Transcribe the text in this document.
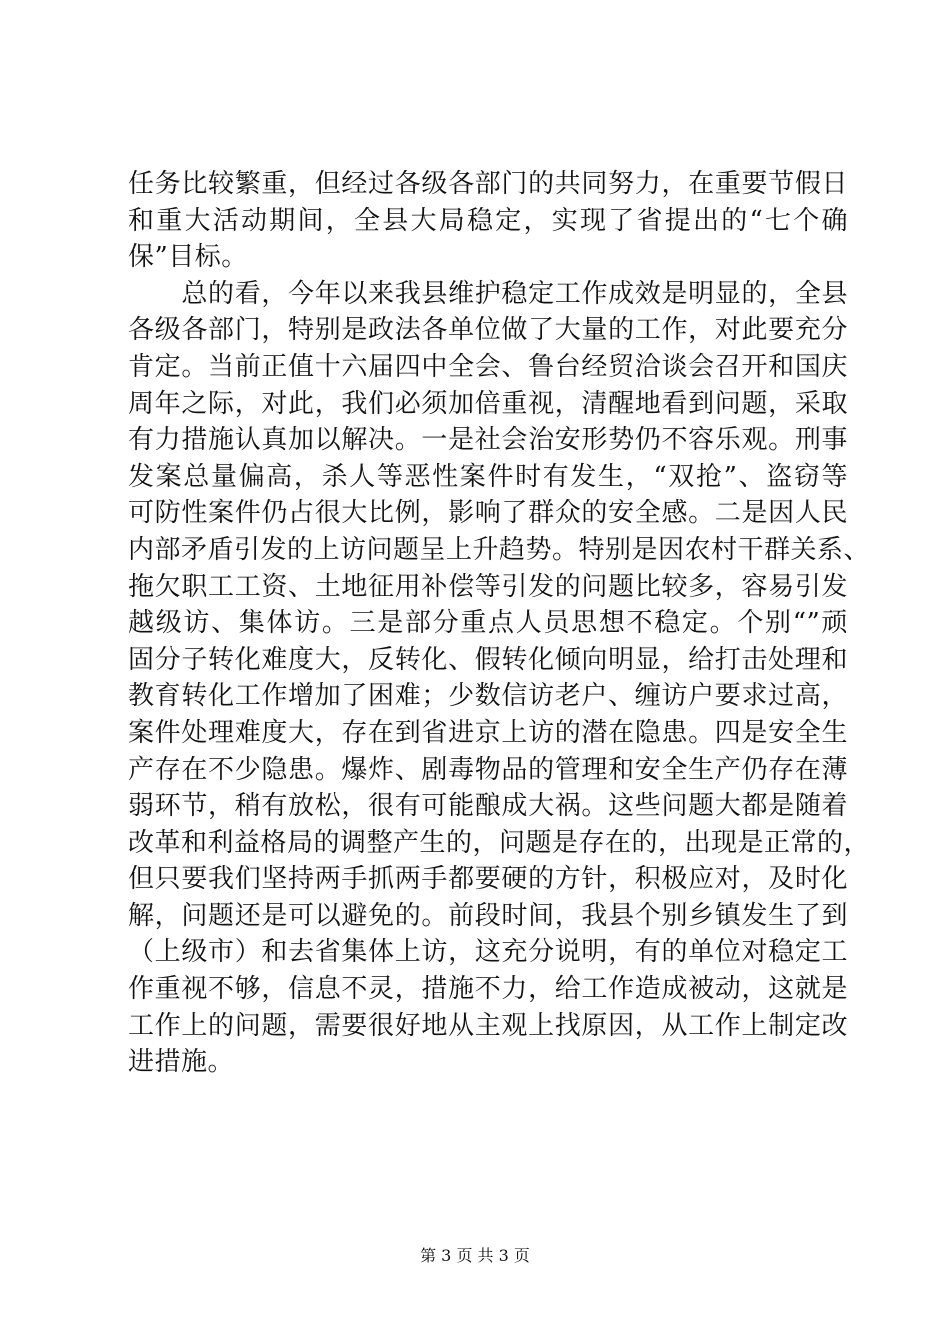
任务比较繁重，但经过各级各部门的共同努力，在重要节假日
和重大活动期间，全县大局稳定，实现了省提出的“七个确
保”目标。
　　总的看，今年以来我县维护稳定工作成效是明显的，全县
各级各部门，特别是政法各单位做了大量的工作，对此要充分
肯定。当前正值十六届四中全会、鲁台经贸洽谈会召开和国庆
周年之际，对此，我们必须加倍重视，清醒地看到问题，采取
有力措施认真加以解决。一是社会治安形势仍不容乐观。刑事
发案总量偏高，杀人等恶性案件时有发生，“双抢”、盗窃等
可防性案件仍占很大比例，影响了群众的安全感。二是因人民
内部矛盾引发的上访问题呈上升趋势。特别是因农村干群关系、
拖欠职工工资、土地征用补偿等引发的问题比较多，容易引发
越级访、集体访。三是部分重点人员思想不稳定。个别“”顽
固分子转化难度大，反转化、假转化倾向明显，给打击处理和
教育转化工作增加了困难；少数信访老户、缠访户要求过高，
案件处理难度大，存在到省进京上访的潜在隐患。四是安全生
产存在不少隐患。爆炸、剧毒物品的管理和安全生产仍存在薄
弱环节，稍有放松，很有可能酿成大祸。这些问题大都是随着
改革和利益格局的调整产生的，问题是存在的，出现是正常的，
但只要我们坚持两手抓两手都要硬的方针，积极应对，及时化
解，问题还是可以避免的。前段时间，我县个别乡镇发生了到
（上级市）和去省集体上访，这充分说明，有的单位对稳定工
作重视不够，信息不灵，措施不力，给工作造成被动，这就是
工作上的问题，需要很好地从主观上找原因，从工作上制定改
进措施。
第 3 页 共 3 页
